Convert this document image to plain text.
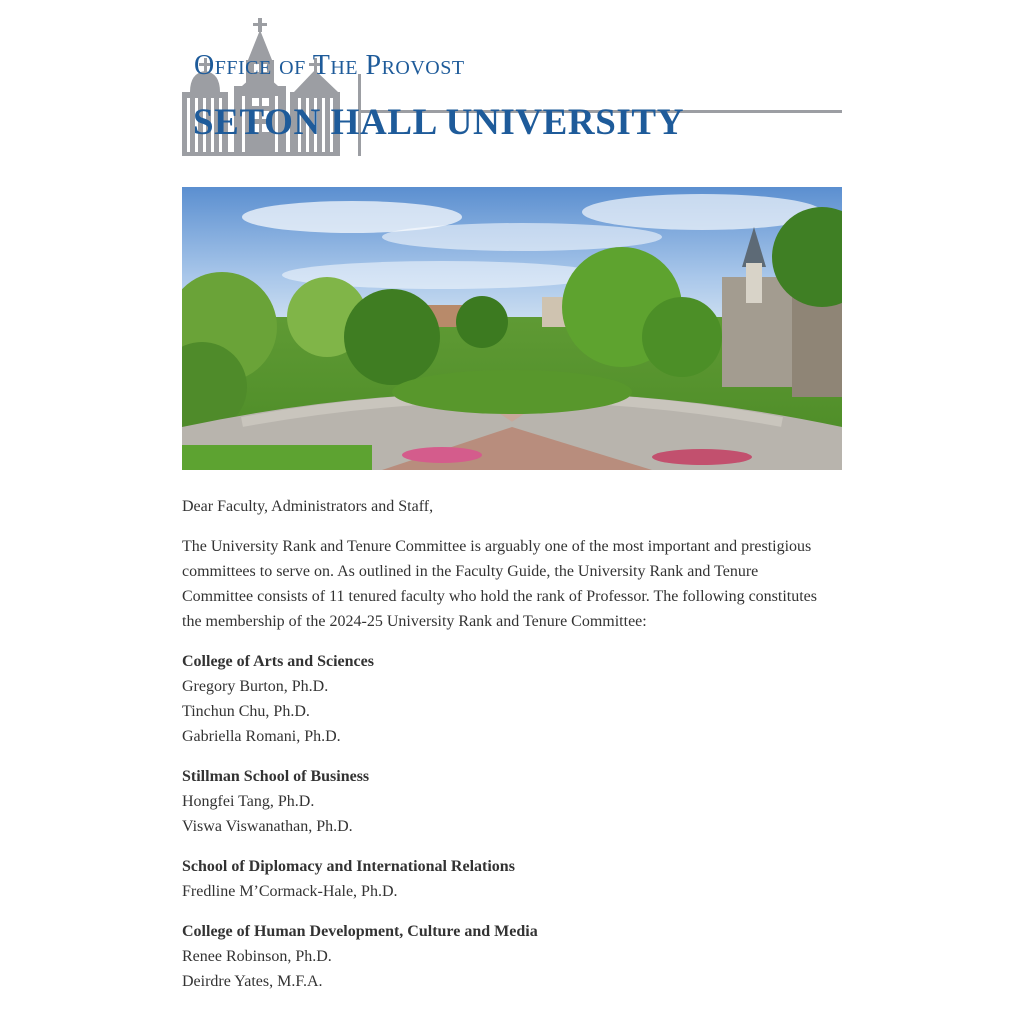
Office of The Provost
SETON HALL UNIVERSITY

Dear Faculty, Administrators and Staff,

The University Rank and Tenure Committee is arguably one of the most important and prestigious committees to serve on. As outlined in the Faculty Guide, the University Rank and Tenure Committee consists of 11 tenured faculty who hold the rank of Professor. The following constitutes the membership of the 2024-25 University Rank and Tenure Committee:

College of Arts and Sciences
Gregory Burton, Ph.D.
Tinchun Chu, Ph.D.
Gabriella Romani, Ph.D.
Stillman School of Business
Hongfei Tang, Ph.D.
Viswa Viswanathan, Ph.D.
School of Diplomacy and International Relations
Fredline M’Cormack-Hale, Ph.D.
College of Human Development, Culture and Media
Renee Robinson, Ph.D.
Deirdre Yates, M.F.A.
